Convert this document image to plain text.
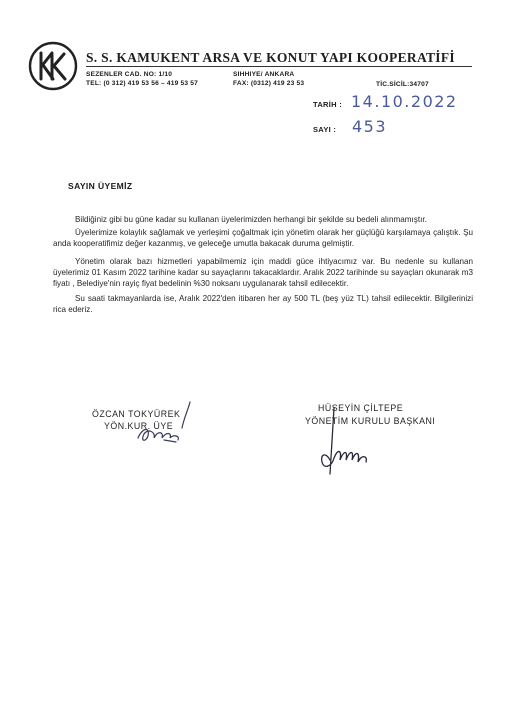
S. S. KAMUKENT ARSA VE KONUT YAPI KOOPERATİFİ
SEZENLER CAD. NO: 1/10	SIHHIYE/ ANKARA
TEL: (0 312) 419 53 56 – 419 53 57	FAX: (0312) 419 23 53	TİC.SİCİL:34707
TARİH : 14.10.2022
SAYI : 453
SAYIN ÜYEMİZ

Bildiğiniz gibi bu güne kadar su kullanan üyelerimizden herhangi bir şekilde su bedeli alınmamıştır.

Üyelerimize kolaylık sağlamak ve yerleşimi çoğaltmak için yönetim olarak her güçlüğü karşılamaya çalıştık. Şu anda kooperatifimiz değer kazanmış, ve geleceğe umutla bakacak duruma gelmiştir.

Yönetim olarak bazı hizmetleri yapabilmemiz için maddi güce ihtiyacımız var. Bu nedenle su kullanan üyelerimiz 01 Kasım 2022 tarihine kadar su sayaçlarını takacaklardır. Aralık 2022 tarihinde su sayaçları okunarak m3 fiyatı , Belediye'nin rayiç fiyat bedelinin %30 noksanı uygulanarak tahsil edilecektir.

Su saati takmayanlarda ise, Aralık 2022'den itibaren her ay 500 TL (beş yüz TL) tahsil edilecektir. Bilgilerinizi rica ederiz.

ÖZCAN TOKYÜREK
YÖN.KUR. ÜYE
HÜSEYİN ÇİLTEPE
YÖNETİM KURULU BAŞKANI
